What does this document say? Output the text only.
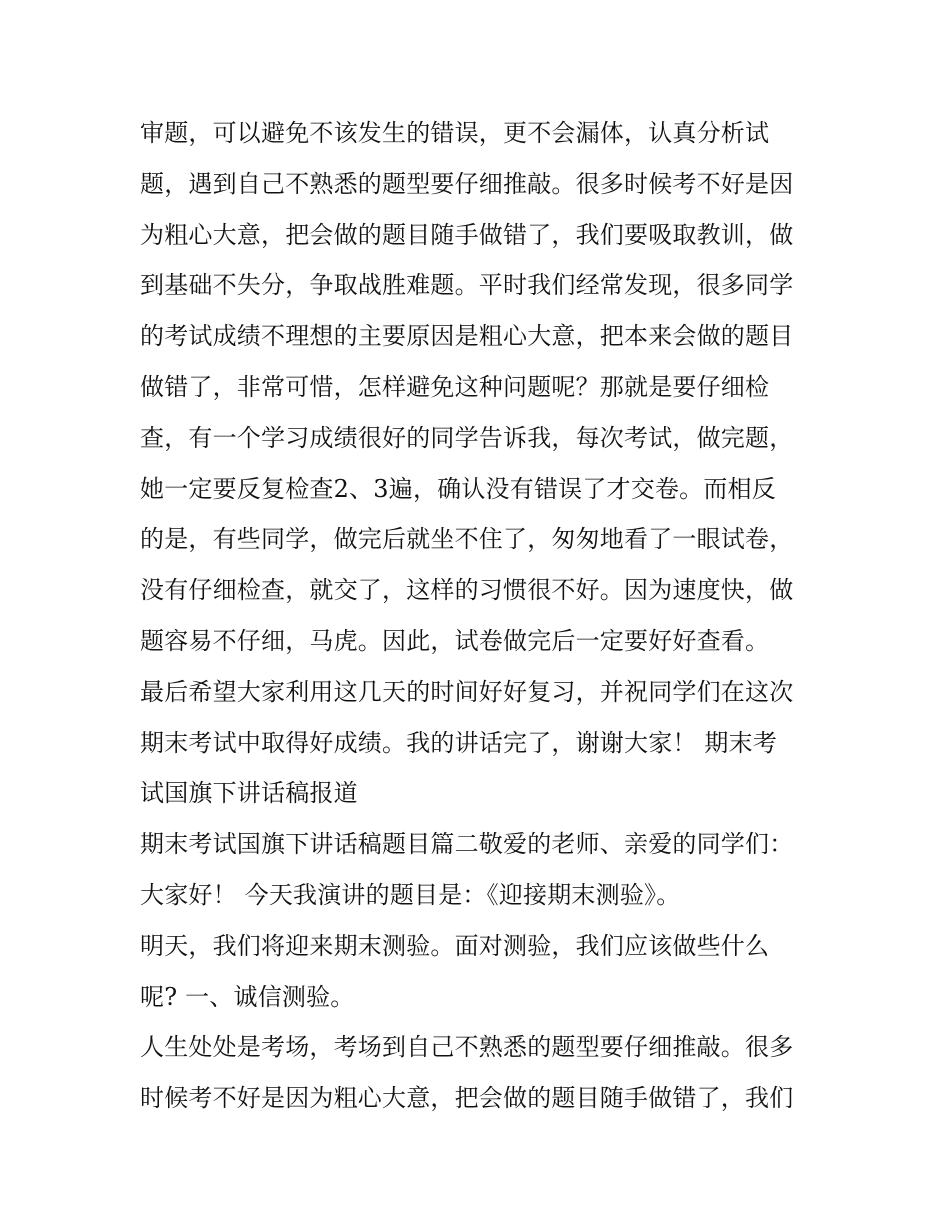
审题，可以避免不该发生的错误，更不会漏体，认真分析试
题，遇到自己不熟悉的题型要仔细推敲。很多时候考不好是因
为粗心大意，把会做的题目随手做错了，我们要吸取教训，做
到基础不失分，争取战胜难题。平时我们经常发现，很多同学
的考试成绩不理想的主要原因是粗心大意，把本来会做的题目
做错了，非常可惜，怎样避免这种问题呢？那就是要仔细检
查，有一个学习成绩很好的同学告诉我，每次考试，做完题，
她一定要反复检查2、3遍，确认没有错误了才交卷。而相反
的是，有些同学，做完后就坐不住了，匆匆地看了一眼试卷，
没有仔细检查，就交了，这样的习惯很不好。因为速度快，做
题容易不仔细，马虎。因此，试卷做完后一定要好好查看。
最后希望大家利用这几天的时间好好复习，并祝同学们在这次
期末考试中取得好成绩。我的讲话完了，谢谢大家！ 期末考
试国旗下讲话稿报道
期末考试国旗下讲话稿题目篇二敬爱的老师、亲爱的同学们：
大家好！ 今天我演讲的题目是：《迎接期末测验》。
明天，我们将迎来期末测验。面对测验，我们应该做些什么
呢? 一、诚信测验。
人生处处是考场，考场到自己不熟悉的题型要仔细推敲。很多
时候考不好是因为粗心大意，把会做的题目随手做错了，我们
